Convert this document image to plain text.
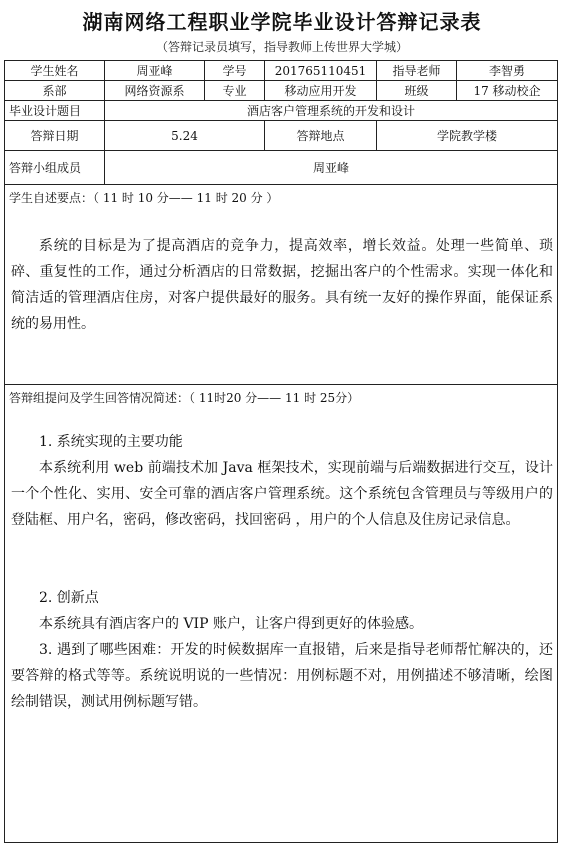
湖南网络工程职业学院毕业设计答辩记录表
（答辩记录员填写，指导教师上传世界大学城）
学生姓名	周亚峰	学号	201765110451	指导老师	李智勇
系部	网络资源系	专业	移动应用开发	班级	17 移动校企
毕业设计题目	酒店客户管理系统的开发和设计
答辩日期	5.24	答辩地点	学院教学楼
答辩小组成员	周亚峰
学生自述要点：（ 11 时 10 分—— 11 时 20 分 ）
系统的目标是为了提高酒店的竞争力，提高效率，增长效益。处理一些简单、琐碎、重复性的工作，通过分析酒店的日常数据，挖掘出客户的个性需求。实现一体化和简洁适的管理酒店住房，对客户提供最好的服务。具有统一友好的操作界面，能保证系统的易用性。
答辩组提问及学生回答情况简述：（ 11时20 分—— 11 时 25分）
1. 系统实现的主要功能
本系统利用 web 前端技术加 Java 框架技术，实现前端与后端数据进行交互，设计一个个性化、实用、安全可靠的酒店客户管理系统。这个系统包含管理员与等级用户的登陆框、用户名，密码，修改密码，找回密码 ，用户的个人信息及住房记录信息。
2. 创新点
本系统具有酒店客户的 VIP 账户，让客户得到更好的体验感。
3. 遇到了哪些困难：开发的时候数据库一直报错，后来是指导老师帮忙解决的，还要答辩的格式等等。系统说明说的一些情况：用例标题不对，用例描述不够清晰，绘图绘制错误，测试用例标题写错。
